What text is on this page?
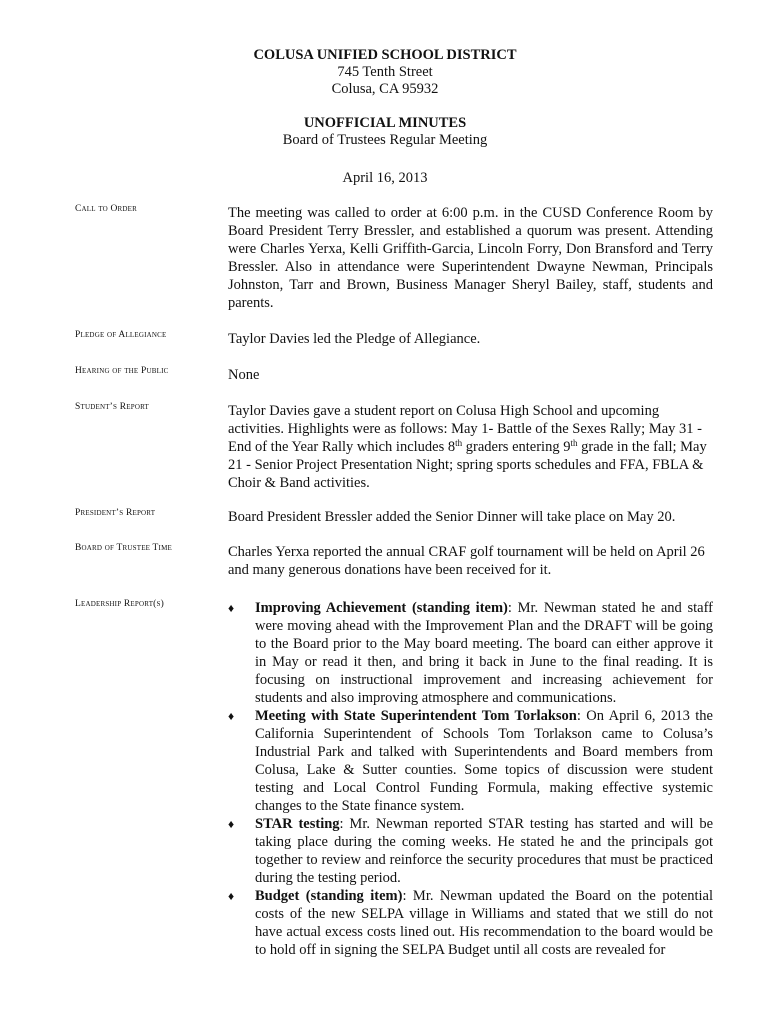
COLUSA UNIFIED SCHOOL DISTRICT
745 Tenth Street
Colusa, CA 95932
UNOFFICIAL MINUTES
Board of Trustees Regular Meeting
April 16, 2013
Call to Order	The meeting was called to order at 6:00 p.m. in the CUSD Conference Room by Board President Terry Bressler, and established a quorum was present. Attending were Charles Yerxa, Kelli Griffith-Garcia, Lincoln Forry, Don Bransford and Terry Bressler. Also in attendance were Superintendent Dwayne Newman, Principals Johnston, Tarr and Brown, Business Manager Sheryl Bailey, staff, students and parents.
Pledge of Allegiance	Taylor Davies led the Pledge of Allegiance.
Hearing of the Public	None
Student’s Report	Taylor Davies gave a student report on Colusa High School and upcoming activities. Highlights were as follows: May 1- Battle of the Sexes Rally; May 31 - End of the Year Rally which includes 8th graders entering 9th grade in the fall; May 21 - Senior Project Presentation Night; spring sports schedules and FFA, FBLA & Choir & Band activities.
President’s Report	Board President Bressler added the Senior Dinner will take place on May 20.
Board of Trustee Time	Charles Yerxa reported the annual CRAF golf tournament will be held on April 26 and many generous donations have been received for it.
Leadership Report(s)	♦ Improving Achievement (standing item): Mr. Newman stated he and staff were moving ahead with the Improvement Plan and the DRAFT will be going to the Board prior to the May board meeting. The board can either approve it in May or read it then, and bring it back in June to the final reading. It is focusing on instructional improvement and increasing achievement for students and also improving atmosphere and communications.
♦ Meeting with State Superintendent Tom Torlakson: On April 6, 2013 the California Superintendent of Schools Tom Torlakson came to Colusa’s Industrial Park and talked with Superintendents and Board members from Colusa, Lake & Sutter counties. Some topics of discussion were student testing and Local Control Funding Formula, making effective systemic changes to the State finance system.
♦ STAR testing: Mr. Newman reported STAR testing has started and will be taking place during the coming weeks. He stated he and the principals got together to review and reinforce the security procedures that must be practiced during the testing period.
♦ Budget (standing item): Mr. Newman updated the Board on the potential costs of the new SELPA village in Williams and stated that we still do not have actual excess costs lined out. His recommendation to the board would be to hold off in signing the SELPA Budget until all costs are revealed for
